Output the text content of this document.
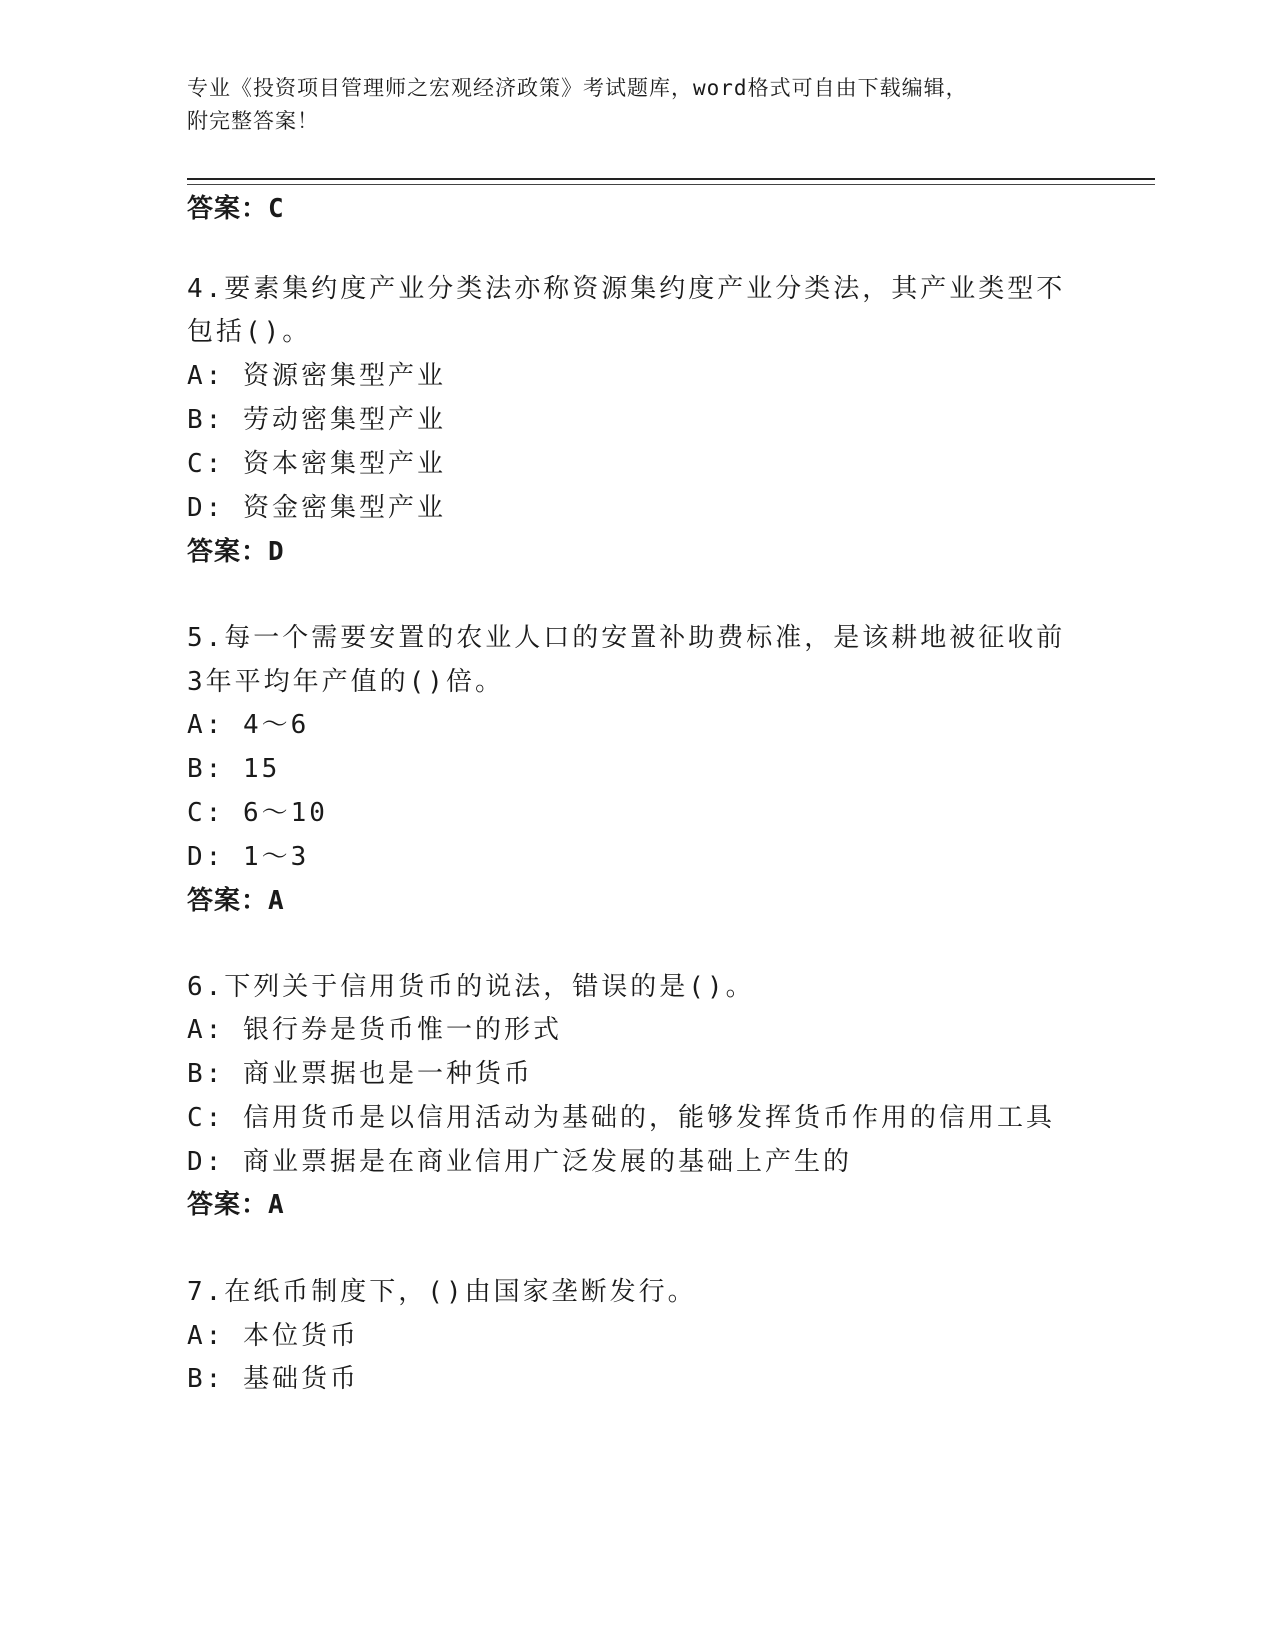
专业《投资项目管理师之宏观经济政策》考试题库，word格式可自由下载编辑，
附完整答案！
答案：C
4.要素集约度产业分类法亦称资源集约度产业分类法，其产业类型不
包括()。
A: 资源密集型产业
B: 劳动密集型产业
C: 资本密集型产业
D: 资金密集型产业
答案：D
5.每一个需要安置的农业人口的安置补助费标准，是该耕地被征收前
3年平均年产值的()倍。
A: 4～6
B: 15
C: 6～10
D: 1～3
答案：A
6.下列关于信用货币的说法，错误的是()。
A: 银行券是货币惟一的形式
B: 商业票据也是一种货币
C: 信用货币是以信用活动为基础的，能够发挥货币作用的信用工具
D: 商业票据是在商业信用广泛发展的基础上产生的
答案：A
7.在纸币制度下，()由国家垄断发行。
A: 本位货币
B: 基础货币
